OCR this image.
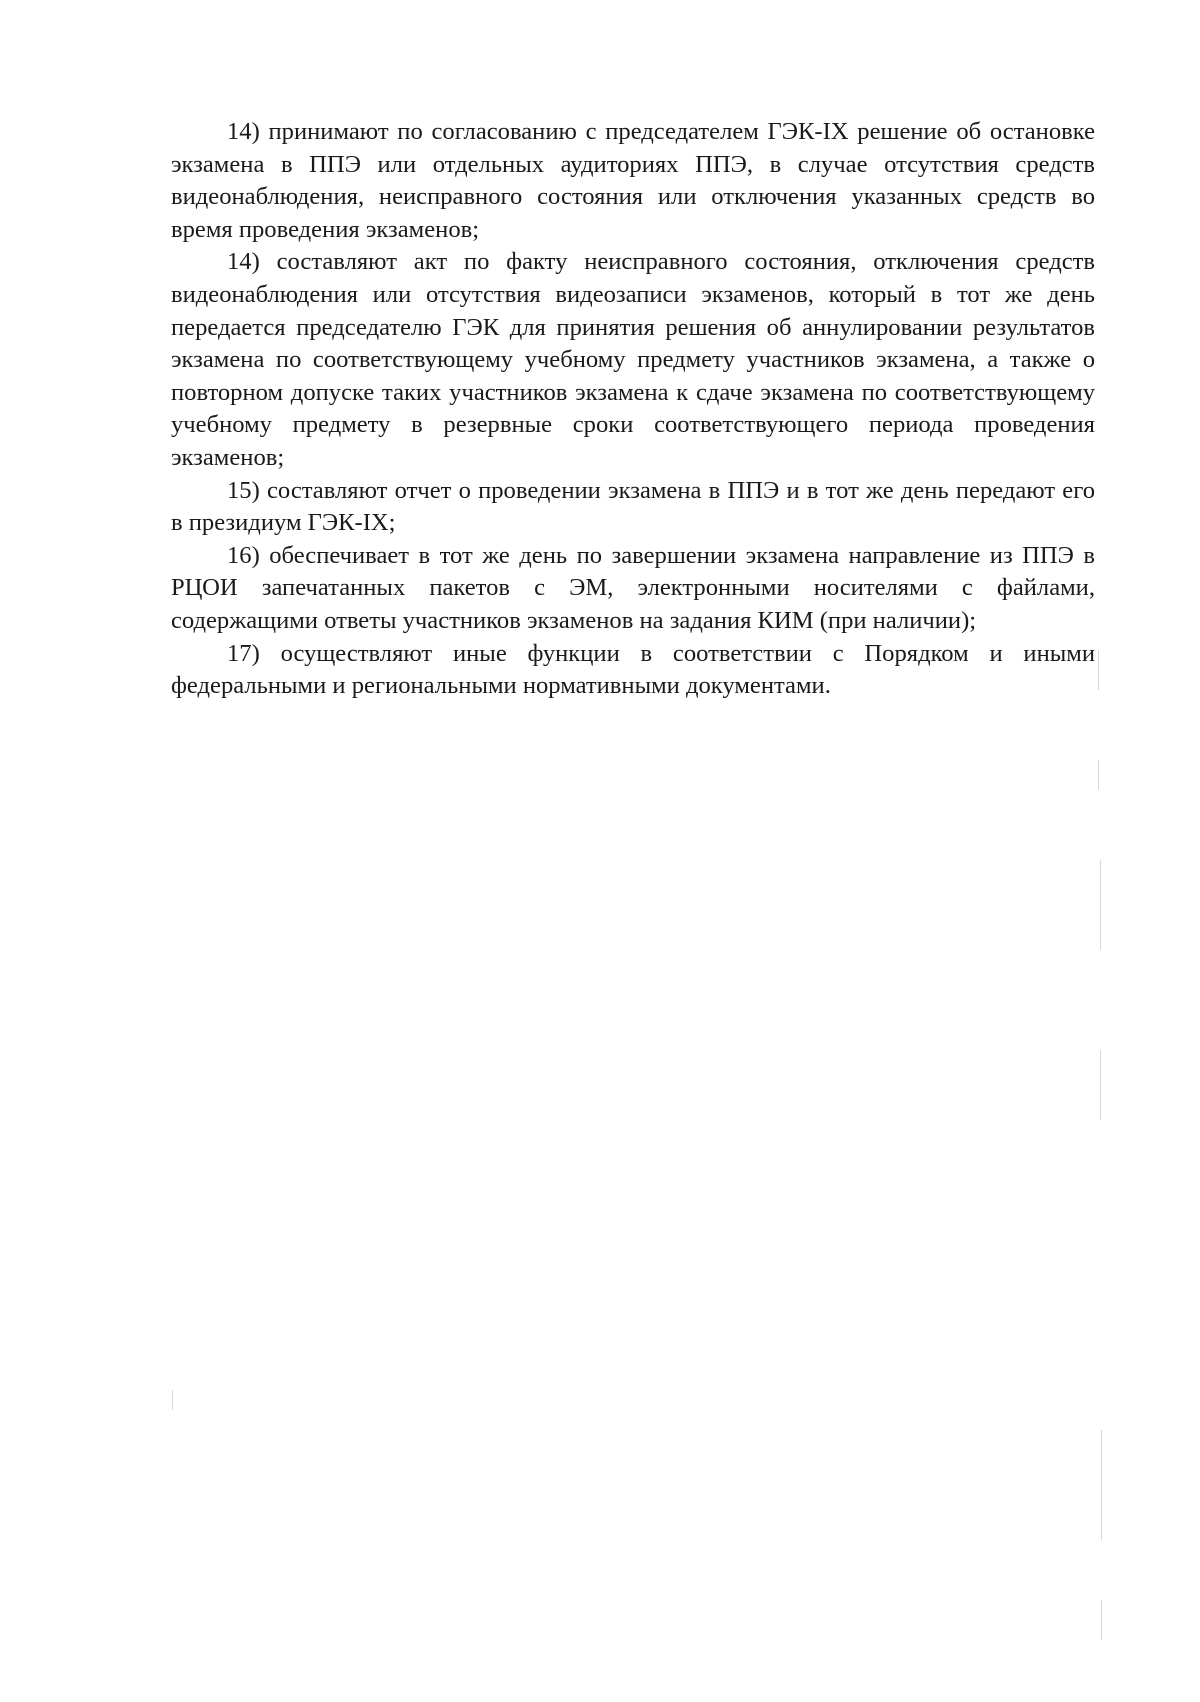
14) принимают по согласованию с председателем ГЭК-IX решение об остановке экзамена в ППЭ или отдельных аудиториях ППЭ, в случае отсутствия средств видеонаблюдения, неисправного состояния или отключения указанных средств во время проведения экзаменов;

14) составляют акт по факту неисправного состояния, отключения средств видеонаблюдения или отсутствия видеозаписи экзаменов, который в тот же день передается председателю ГЭК для принятия решения об аннулировании результатов экзамена по соответствующему учебному предмету участников экзамена, а также о повторном допуске таких участников экзамена к сдаче экзамена по соответствующему учебному предмету в резервные сроки соответствующего периода проведения экзаменов;

15) составляют отчет о проведении экзамена в ППЭ и в тот же день передают его в президиум ГЭК-IX;

16) обеспечивает в тот же день по завершении экзамена направление из ППЭ в РЦОИ запечатанных пакетов с ЭМ, электронными носителями с файлами, содержащими ответы участников экзаменов на задания КИМ (при наличии);

17) осуществляют иные функции в соответствии с Порядком и иными федеральными и региональными нормативными документами.
